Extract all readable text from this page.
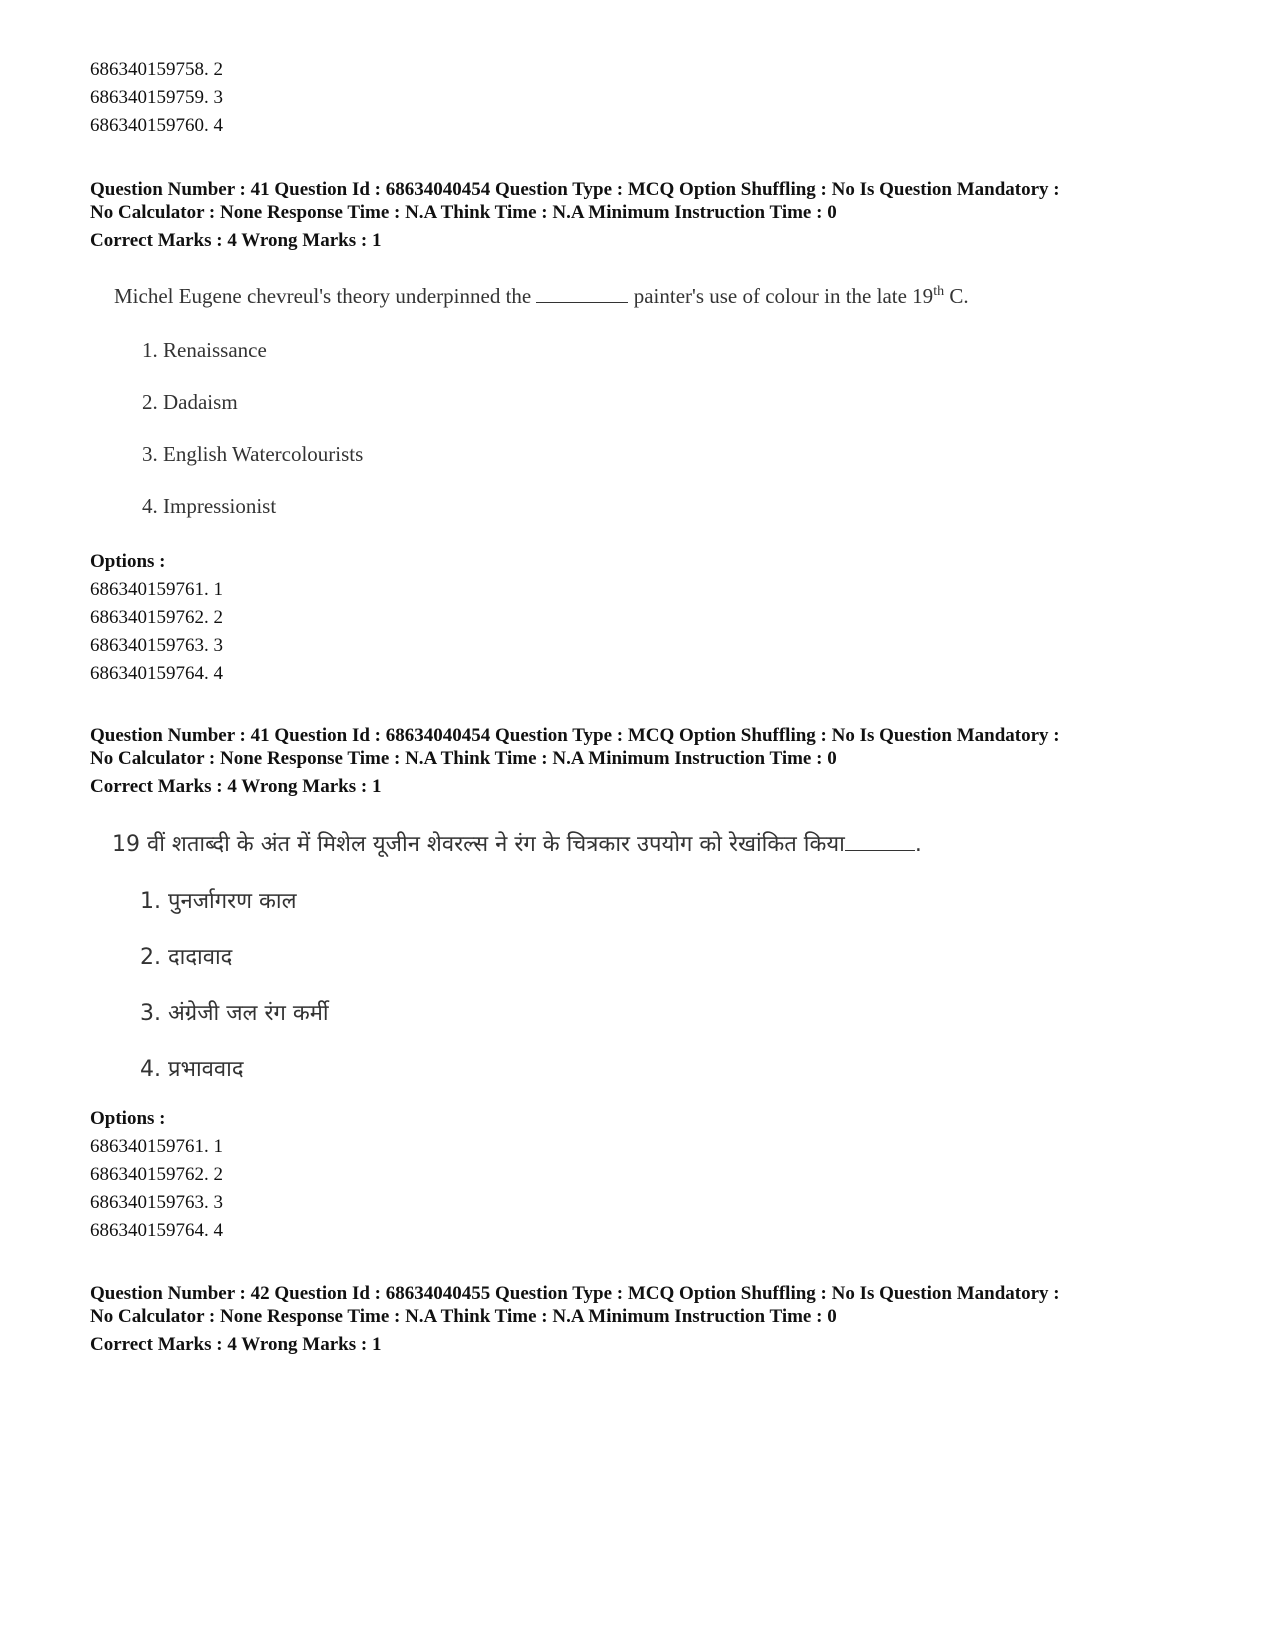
686340159758. 2
686340159759. 3
686340159760. 4
Question Number : 41 Question Id : 68634040454 Question Type : MCQ Option Shuffling : No Is Question Mandatory :
No Calculator : None Response Time : N.A Think Time : N.A Minimum Instruction Time : 0
Correct Marks : 4 Wrong Marks : 1
Michel Eugene chevreul's theory underpinned the	painter's use of colour in the late 19th C.
1. Renaissance
2. Dadaism
3. English Watercolourists
4. Impressionist
Options :
686340159761. 1
686340159762. 2
686340159763. 3
686340159764. 4
Question Number : 41 Question Id : 68634040454 Question Type : MCQ Option Shuffling : No Is Question Mandatory :
No Calculator : None Response Time : N.A Think Time : N.A Minimum Instruction Time : 0
Correct Marks : 4 Wrong Marks : 1
19 वीं शताब्दी के अंत में मिशेल यूजीन शेवरल्स ने रंग के चित्रकार उपयोग को रेखांकित किया	.
1. पुनर्जागरण काल
2. दादावाद
3. अंग्रेजी जल रंग कर्मी
4. प्रभाववाद
Options :
686340159761. 1
686340159762. 2
686340159763. 3
686340159764. 4
Question Number : 42 Question Id : 68634040455 Question Type : MCQ Option Shuffling : No Is Question Mandatory :
No Calculator : None Response Time : N.A Think Time : N.A Minimum Instruction Time : 0
Correct Marks : 4 Wrong Marks : 1
